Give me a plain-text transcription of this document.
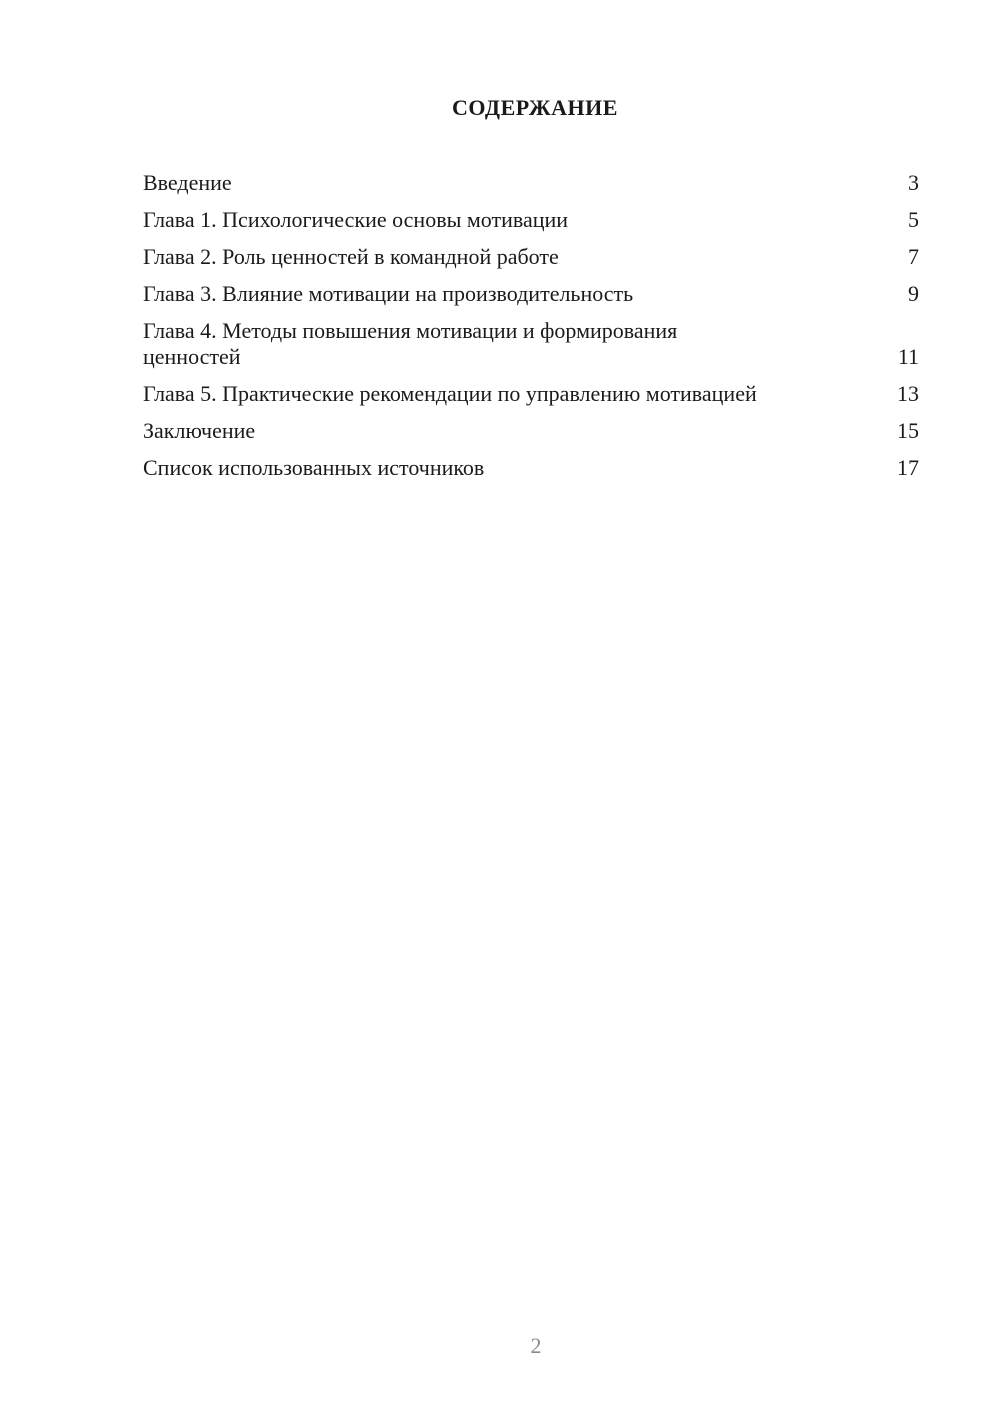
СОДЕРЖАНИЕ
Введение	3
Глава 1. Психологические основы мотивации	5
Глава 2. Роль ценностей в командной работе	7
Глава 3. Влияние мотивации на производительность	9
Глава 4. Методы повышения мотивации и формирования ценностей	11
Глава 5. Практические рекомендации по управлению мотивацией	13
Заключение	15
Список использованных источников	17
2
